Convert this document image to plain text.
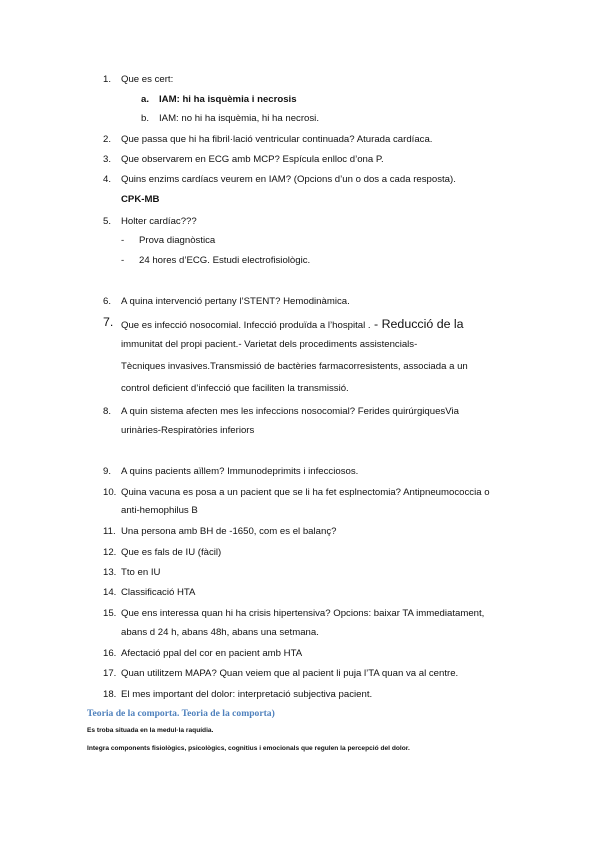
1. Que es cert:
a. IAM: hi ha isquèmia i necrosis
b. IAM: no hi ha isquèmia, hi ha necrosi.
2. Que passa que hi ha fibril·lació ventricular continuada? Aturada cardíaca.
3. Que observarem en ECG amb MCP? Espícula enlloc d’ona P.
4. Quins enzims cardíacs veurem en IAM? (Opcions d’un o dos a cada resposta).
CPK-MB
5. Holter cardíac???
- Prova diagnòstica
- 24 hores d’ECG. Estudi electrofisiològic.
6. A quina intervenció pertany l’STENT? Hemodinàmica.
7. Que es infecció nosocomial. Infecció produïda a l’hospital . - Reducció de la
immunitat del propi pacient.- Varietat dels procediments assistencials-
Tècniques invasives.Transmissió de bactèries farmacorresistents, associada a un
control deficient d’infecció que faciliten la transmissió.
8. A quin sistema afecten mes les infeccions nosocomial? Ferides quirúrgiquesVia
urinàries-Respiratòries inferiors
9. A quins pacients aïllem? Immunodeprimits i infecciosos.
10. Quina vacuna es posa a un pacient que se li ha fet esplnectomia? Antipneumococcia o
anti-hemophilus B
11. Una persona amb BH de -1650, com es el balanç?
12. Que es fals de IU (fàcil)
13. Tto en IU
14. Classificació HTA
15. Que ens interessa quan hi ha crisis hipertensiva? Opcions: baixar TA immediatament,
abans d 24 h, abans 48h, abans una setmana.
16. Afectació ppal del cor en pacient amb HTA
17. Quan utilitzem MAPA? Quan veiem que al pacient li puja l’TA quan va al centre.
18. El mes important del dolor: interpretació subjectiva pacient.
Teoria de la comporta. Teoria de la comporta)
Es troba situada en la medul·la raquídia.
Integra components fisiològics, psicològics, cognitius i emocionals que regulen la percepció del dolor.
